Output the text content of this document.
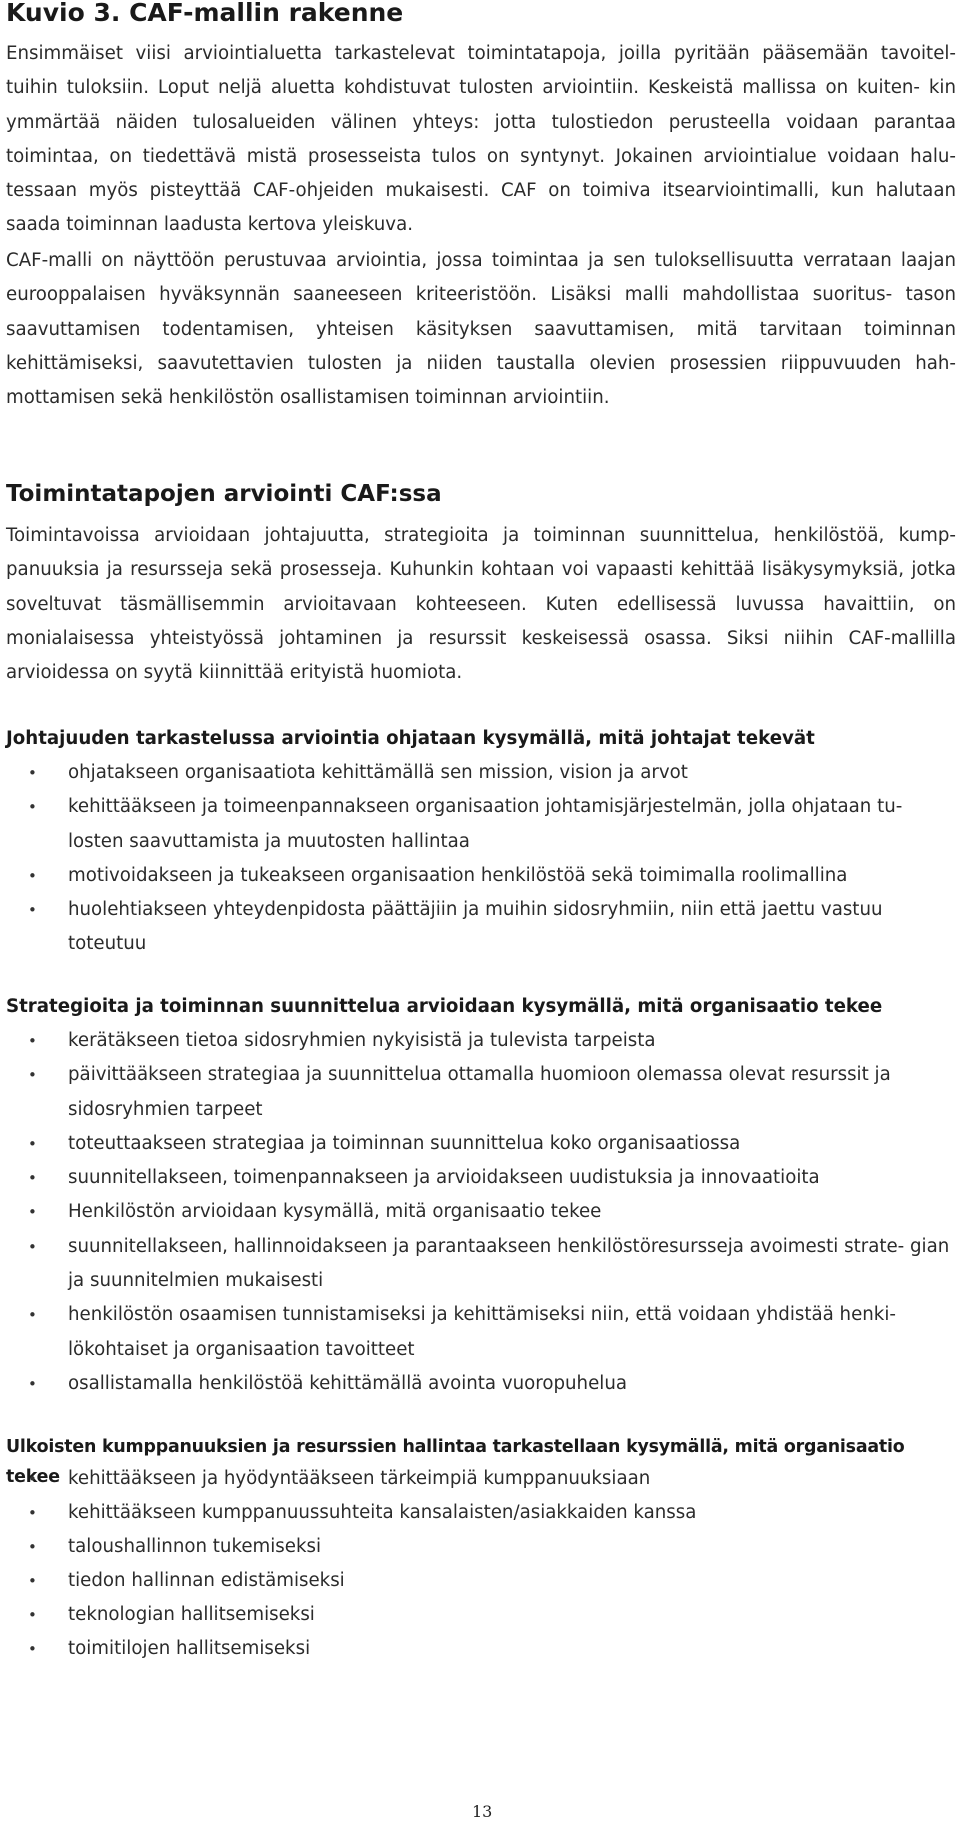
Kuvio 3. CAF-mallin rakenne

Ensimmäiset viisi arviointialuetta tarkastelevat toimintatapoja, joilla pyritään pääsemään tavoitel- tuihin tuloksiin. Loput neljä aluetta kohdistuvat tulosten arviointiin. Keskeistä mallissa on kuiten- kin ymmärtää näiden tulosalueiden välinen yhteys: jotta tulostiedon perusteella voidaan parantaa toimintaa, on tiedettävä mistä prosesseista tulos on syntynyt. Jokainen arviointialue voidaan halu- tessaan myös pisteyttää CAF-ohjeiden mukaisesti. CAF on toimiva itsearviointimalli, kun halutaan saada toiminnan laadusta kertova yleiskuva.

CAF-malli on näyttöön perustuvaa arviointia, jossa toimintaa ja sen tuloksellisuutta verrataan laajan eurooppalaisen hyväksynnän saaneeseen kriteeristöön. Lisäksi malli mahdollistaa suoritus- tason saavuttamisen todentamisen, yhteisen käsityksen saavuttamisen, mitä tarvitaan toiminnan kehittämiseksi, saavutettavien tulosten ja niiden taustalla olevien prosessien riippuvuuden hah- mottamisen sekä henkilöstön osallistamisen toiminnan arviointiin.

Toimintatapojen arviointi CAF:ssa

Toimintavoissa arvioidaan johtajuutta, strategioita ja toiminnan suunnittelua, henkilöstöä, kump- panuuksia ja resursseja sekä prosesseja. Kuhunkin kohtaan voi vapaasti kehittää lisäkysymyksiä, jotka soveltuvat täsmällisemmin arvioitavaan kohteeseen. Kuten edellisessä luvussa havaittiin, on monialaisessa yhteistyössä johtaminen ja resurssit keskeisessä osassa. Siksi niihin CAF-mallilla arvioidessa on syytä kiinnittää erityistä huomiota.

Johtajuuden tarkastelussa arviointia ohjataan kysymällä, mitä johtajat tekevät
• ohjatakseen organisaatiota kehittämällä sen mission, vision ja arvot
• kehittääkseen ja toimeenpannakseen organisaation johtamisjärjestelmän, jolla ohjataan tu- losten saavuttamista ja muutosten hallintaa
• motivoidakseen ja tukeakseen organisaation henkilöstöä sekä toimimalla roolimallina
• huolehtiakseen yhteydenpidosta päättäjiin ja muihin sidosryhmiin, niin että jaettu vastuu toteutuu
Strategioita ja toiminnan suunnittelua arvioidaan kysymällä, mitä organisaatio tekee
• kerätäkseen tietoa sidosryhmien nykyisistä ja tulevista tarpeista
• päivittääkseen strategiaa ja suunnittelua ottamalla huomioon olemassa olevat resurssit ja sidosryhmien tarpeet
• toteuttaakseen strategiaa ja toiminnan suunnittelua koko organisaatiossa
• suunnitellakseen, toimenpannakseen ja arvioidakseen uudistuksia ja innovaatioita
• Henkilöstön arvioidaan kysymällä, mitä organisaatio tekee
• suunnitellakseen, hallinnoidakseen ja parantaakseen henkilöstöresursseja avoimesti strate- gian ja suunnitelmien mukaisesti
• henkilöstön osaamisen tunnistamiseksi ja kehittämiseksi niin, että voidaan yhdistää henki- lökohtaiset ja organisaation tavoitteet
• osallistamalla henkilöstöä kehittämällä avointa vuoropuhelua
Ulkoisten kumppanuuksien ja resurssien hallintaa tarkastellaan kysymällä, mitä organisaatio tekee
• kehittääkseen ja hyödyntääkseen tärkeimpiä kumppanuuksiaan
• kehittääkseen kumppanuussuhteita kansalaisten/asiakkaiden kanssa
• taloushallinnon tukemiseksi
• tiedon hallinnan edistämiseksi
• teknologian hallitsemiseksi
• toimitilojen hallitsemiseksi
13
